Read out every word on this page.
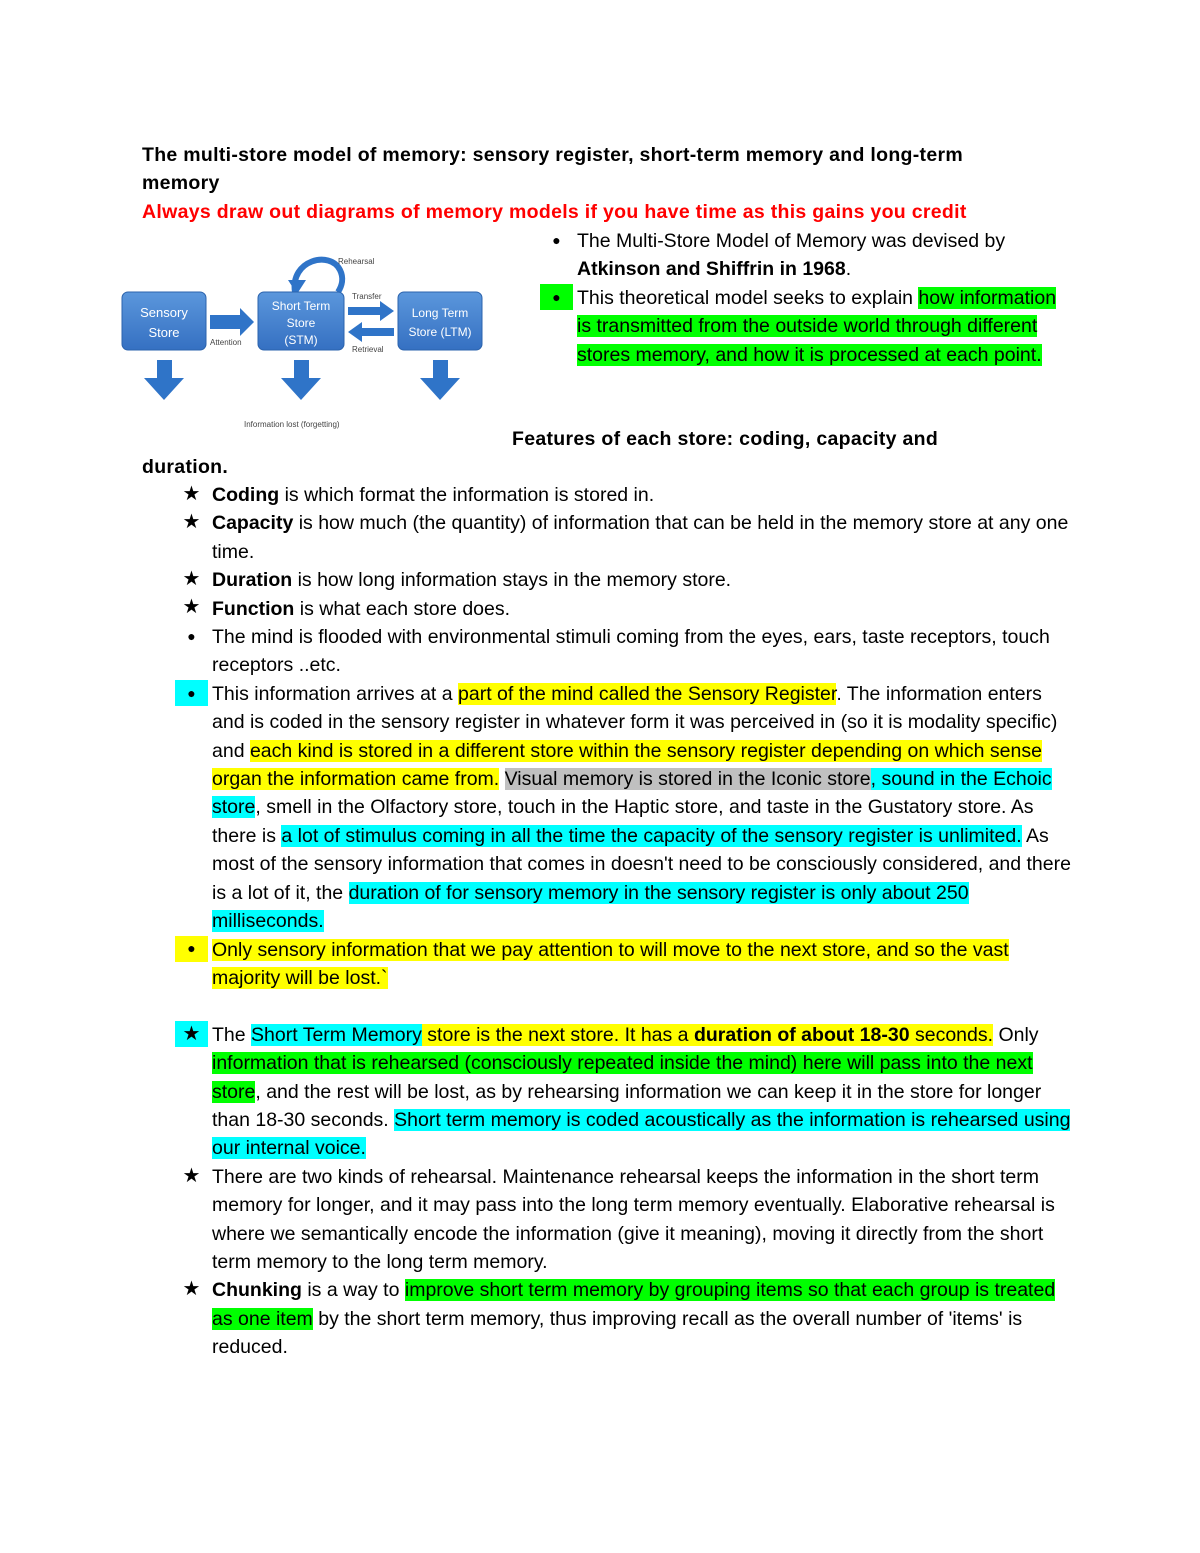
The multi-store model of memory: sensory register, short-term memory and long-term memory
Always draw out diagrams of memory models if you have time as this gains you credit
Rehearsal
Sensory
Store
Attention
Short Term
Store
(STM)
Transfer
Retrieval
Long Term
Store (LTM)
Information lost (forgetting)
● The Multi-Store Model of Memory was devised by Atkinson and Shiffrin in 1968.
● This theoretical model seeks to explain how information is transmitted from the outside world through different stores memory, and how it is processed at each point.
Features of each store: coding, capacity and
duration.
★ Coding is which format the information is stored in.
★ Capacity is how much (the quantity) of information that can be held in the memory store at any one time.
★ Duration is how long information stays in the memory store.
★ Function is what each store does.
● The mind is flooded with environmental stimuli coming from the eyes, ears, taste receptors, touch receptors ..etc.
● This information arrives at a part of the mind called the Sensory Register. The information enters and is coded in the sensory register in whatever form it was perceived in (so it is modality specific) and each kind is stored in a different store within the sensory register depending on which sense organ the information came from. Visual memory is stored in the Iconic store, sound in the Echoic store, smell in the Olfactory store, touch in the Haptic store, and taste in the Gustatory store. As there is a lot of stimulus coming in all the time the capacity of the sensory register is unlimited. As most of the sensory information that comes in doesn't need to be consciously considered, and there is a lot of it, the duration of for sensory memory in the sensory register is only about 250 milliseconds.
● Only sensory information that we pay attention to will move to the next store, and so the vast majority will be lost.`
★ The Short Term Memory store is the next store. It has a duration of about 18-30 seconds. Only information that is rehearsed (consciously repeated inside the mind) here will pass into the next store, and the rest will be lost, as by rehearsing information we can keep it in the store for longer than 18-30 seconds. Short term memory is coded acoustically as the information is rehearsed using our internal voice.
★ There are two kinds of rehearsal. Maintenance rehearsal keeps the information in the short term memory for longer, and it may pass into the long term memory eventually. Elaborative rehearsal is where we semantically encode the information (give it meaning), moving it directly from the short term memory to the long term memory.
★ Chunking is a way to improve short term memory by grouping items so that each group is treated as one item by the short term memory, thus improving recall as the overall number of 'items' is reduced.
